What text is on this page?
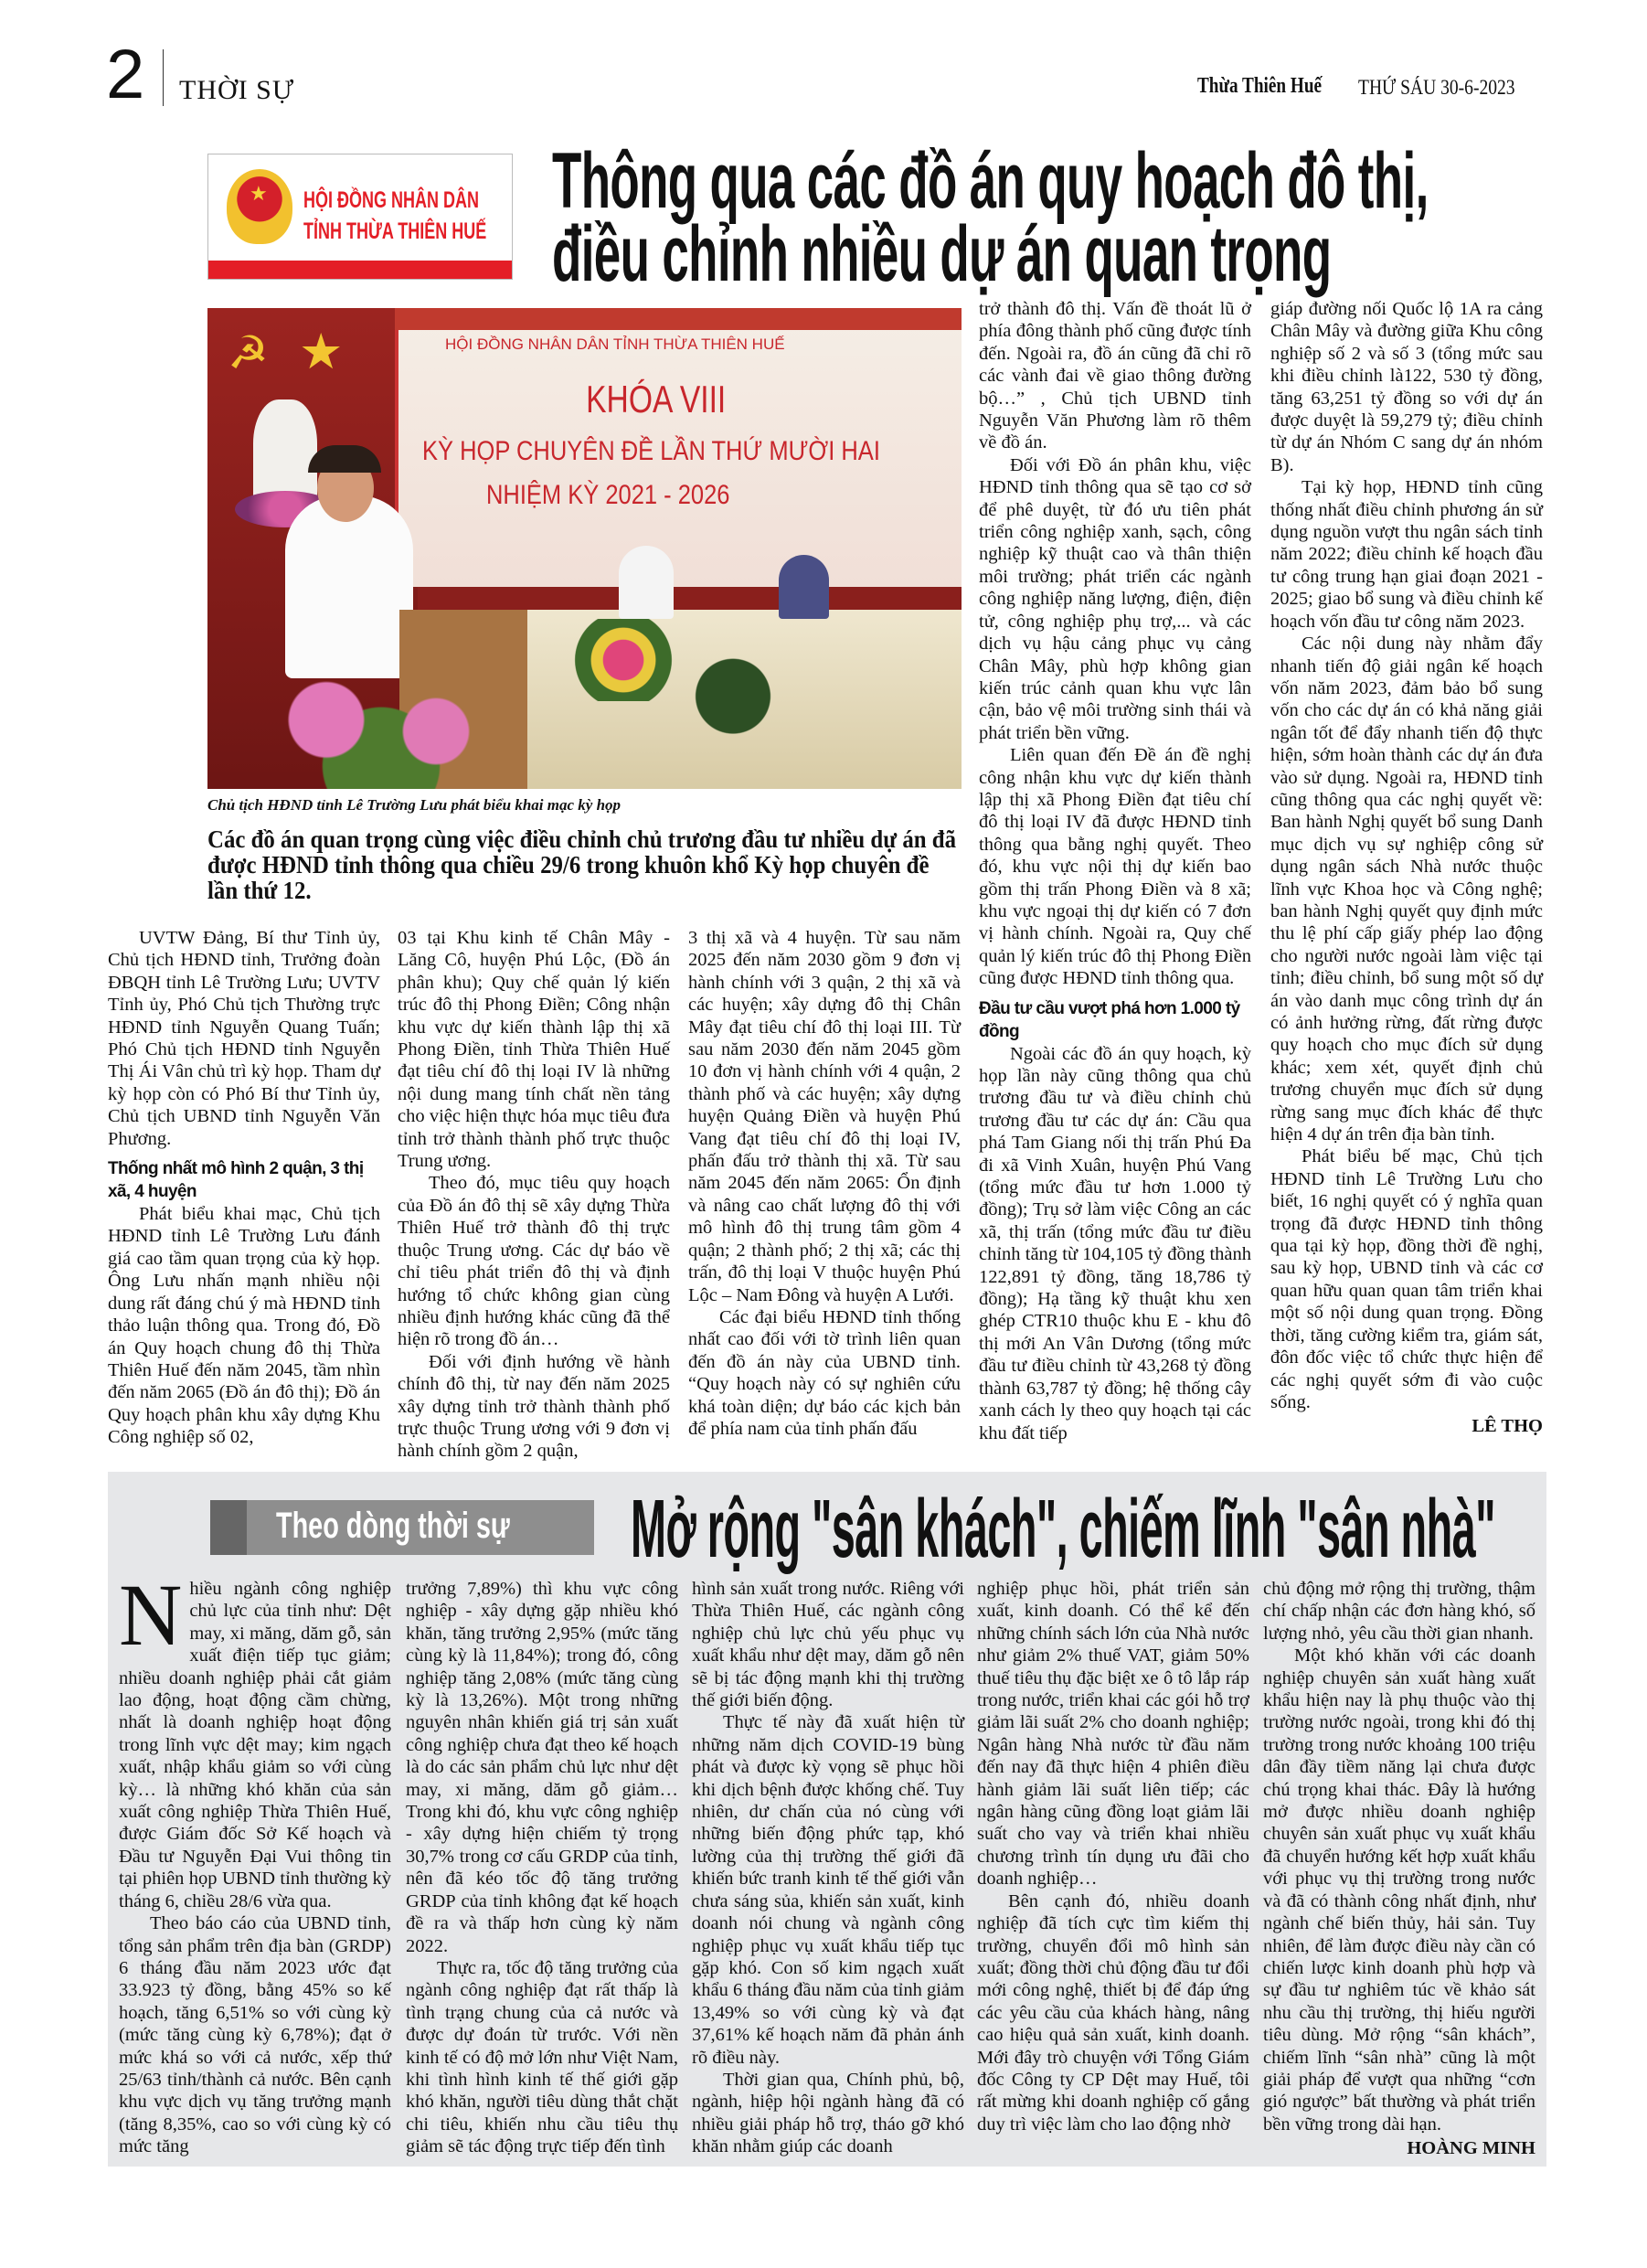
2 THỜI SỰ	Thừa Thiên Huế THỨ SÁU 30-6-2023
★ HỘI ĐỒNG NHÂN DÂN
TỈNH THỪA THIÊN HUẾ
Thông qua các đồ án quy hoạch đô thị,
điều chỉnh nhiều dự án quan trọng
☭ ★	HỘI ĐỒNG NHÂN DÂN TỈNH THỪA THIÊN HUẾ
KHÓA VIII
KỲ HỌP CHUYÊN ĐỀ LẦN THỨ MƯỜI HAI
NHIỆM KỲ 2021 - 2026
Chủ tịch HĐND tỉnh Lê Trường Lưu phát biểu khai mạc kỳ họp
Các đồ án quan trọng cùng việc điều chỉnh chủ trương đầu tư nhiều dự án đã được HĐND tỉnh thông qua chiều 29/6 trong khuôn khổ Kỳ họp chuyên đề lần thứ 12.

UVTW Đảng, Bí thư Tỉnh ủy, Chủ tịch HĐND tỉnh, Trưởng đoàn ĐBQH tỉnh Lê Trường Lưu; UVTV Tỉnh ủy, Phó Chủ tịch Thường trực HĐND tỉnh Nguyễn Quang Tuấn; Phó Chủ tịch HĐND tỉnh Nguyễn Thị Ái Vân chủ trì kỳ họp. Tham dự kỳ họp còn có Phó Bí thư Tỉnh ủy, Chủ tịch UBND tỉnh Nguyễn Văn Phương.

Thống nhất mô hình 2 quận, 3 thị xã, 4 huyện

Phát biểu khai mạc, Chủ tịch HĐND tỉnh Lê Trường Lưu đánh giá cao tầm quan trọng của kỳ họp. Ông Lưu nhấn mạnh nhiều nội dung rất đáng chú ý mà HĐND tỉnh thảo luận thông qua. Trong đó, Đồ án Quy hoạch chung đô thị Thừa Thiên Huế đến năm 2045, tầm nhìn đến năm 2065 (Đồ án đô thị); Đồ án Quy hoạch phân khu xây dựng Khu Công nghiệp số 02,

03 tại Khu kinh tế Chân Mây - Lăng Cô, huyện Phú Lộc, (Đồ án phân khu); Quy chế quản lý kiến trúc đô thị Phong Điền; Công nhận khu vực dự kiến thành lập thị xã Phong Điền, tỉnh Thừa Thiên Huế đạt tiêu chí đô thị loại IV là những nội dung mang tính chất nền tảng cho việc hiện thực hóa mục tiêu đưa tỉnh trở thành thành phố trực thuộc Trung ương.

Theo đó, mục tiêu quy hoạch của Đồ án đô thị sẽ xây dựng Thừa Thiên Huế trở thành đô thị trực thuộc Trung ương. Các dự báo về chỉ tiêu phát triển đô thị và định hướng tổ chức không gian cùng nhiều định hướng khác cũng đã thể hiện rõ trong đồ án…

Đối với định hướng về hành chính đô thị, từ nay đến năm 2025 xây dựng tỉnh trở thành thành phố trực thuộc Trung ương với 9 đơn vị hành chính gồm 2 quận,

3 thị xã và 4 huyện. Từ sau năm 2025 đến năm 2030 gồm 9 đơn vị hành chính với 3 quận, 2 thị xã và các huyện; xây dựng đô thị Chân Mây đạt tiêu chí đô thị loại III. Từ sau năm 2030 đến năm 2045 gồm 10 đơn vị hành chính với 4 quận, 2 thành phố và các huyện; xây dựng huyện Quảng Điền và huyện Phú Vang đạt tiêu chí đô thị loại IV, phấn đấu trở thành thị xã. Từ sau năm 2045 đến năm 2065: Ổn định và nâng cao chất lượng đô thị với mô hình đô thị trung tâm gồm 4 quận; 2 thành phố; 2 thị xã; các thị trấn, đô thị loại V thuộc huyện Phú Lộc – Nam Đông và huyện A Lưới.

Các đại biểu HĐND tỉnh thống nhất cao đối với tờ trình liên quan đến đồ án này của UBND tỉnh. “Quy hoạch này có sự nghiên cứu khá toàn diện; dự báo các kịch bản để phía nam của tỉnh phấn đấu

trở thành đô thị. Vấn đề thoát lũ ở phía đông thành phố cũng được tính đến. Ngoài ra, đồ án cũng đã chỉ rõ các vành đai về giao thông đường bộ…” , Chủ tịch UBND tỉnh Nguyễn Văn Phương làm rõ thêm về đồ án.

Đối với Đồ án phân khu, việc HĐND tỉnh thông qua sẽ tạo cơ sở để phê duyệt, từ đó ưu tiên phát triển công nghiệp xanh, sạch, công nghiệp kỹ thuật cao và thân thiện môi trường; phát triển các ngành công nghiệp năng lượng, điện, điện tử, công nghiệp phụ trợ,... và các dịch vụ hậu cảng phục vụ cảng Chân Mây, phù hợp không gian kiến trúc cảnh quan khu vực lân cận, bảo vệ môi trường sinh thái và phát triển bền vững.

Liên quan đến Đề án đề nghị công nhận khu vực dự kiến thành lập thị xã Phong Điền đạt tiêu chí đô thị loại IV đã được HĐND tỉnh thông qua bằng nghị quyết. Theo đó, khu vực nội thị dự kiến bao gồm thị trấn Phong Điền và 8 xã; khu vực ngoại thị dự kiến có 7 đơn vị hành chính. Ngoài ra, Quy chế quản lý kiến trúc đô thị Phong Điền cũng được HĐND tỉnh thông qua.

Đầu tư cầu vượt phá hơn 1.000 tỷ đồng

Ngoài các đồ án quy hoạch, kỳ họp lần này cũng thông qua chủ trương đầu tư và điều chỉnh chủ trương đầu tư các dự án: Cầu qua phá Tam Giang nối thị trấn Phú Đa đi xã Vinh Xuân, huyện Phú Vang (tổng mức đầu tư hơn 1.000 tỷ đồng); Trụ sở làm việc Công an các xã, thị trấn (tổng mức đầu tư điều chỉnh tăng từ 104,105 tỷ đồng thành 122,891 tỷ đồng, tăng 18,786 tỷ đồng); Hạ tầng kỹ thuật khu xen ghép CTR10 thuộc khu E - khu đô thị mới An Vân Dương (tổng mức đầu tư điều chỉnh từ 43,268 tỷ đồng thành 63,787 tỷ đồng; hệ thống cây xanh cách ly theo quy hoạch tại các khu đất tiếp

giáp đường nối Quốc lộ 1A ra cảng Chân Mây và đường giữa Khu công nghiệp số 2 và số 3 (tổng mức sau khi điều chỉnh là122, 530 tỷ đồng, tăng 63,251 tỷ đồng so với dự án được duyệt là 59,279 tỷ; điều chỉnh từ dự án Nhóm C sang dự án nhóm B).

Tại kỳ họp, HĐND tỉnh cũng thống nhất điều chỉnh phương án sử dụng nguồn vượt thu ngân sách tỉnh năm 2022; điều chỉnh kế hoạch đầu tư công trung hạn giai đoạn 2021 - 2025; giao bổ sung và điều chỉnh kế hoạch vốn đầu tư công năm 2023.

Các nội dung này nhằm đẩy nhanh tiến độ giải ngân kế hoạch vốn năm 2023, đảm bảo bổ sung vốn cho các dự án có khả năng giải ngân tốt để đẩy nhanh tiến độ thực hiện, sớm hoàn thành các dự án đưa vào sử dụng. Ngoài ra, HĐND tỉnh cũng thông qua các nghị quyết về: Ban hành Nghị quyết bổ sung Danh mục dịch vụ sự nghiệp công sử dụng ngân sách Nhà nước thuộc lĩnh vực Khoa học và Công nghệ; ban hành Nghị quyết quy định mức thu lệ phí cấp giấy phép lao động cho người nước ngoài làm việc tại tỉnh; điều chỉnh, bổ sung một số dự án vào danh mục công trình dự án có ảnh hưởng rừng, đất rừng được quy hoạch cho mục đích sử dụng khác; xem xét, quyết định chủ trương chuyển mục đích sử dụng rừng sang mục đích khác để thực hiện 4 dự án trên địa bàn tỉnh.

Phát biểu bế mạc, Chủ tịch HĐND tỉnh Lê Trường Lưu cho biết, 16 nghị quyết có ý nghĩa quan trọng đã được HĐND tỉnh thông qua tại kỳ họp, đồng thời đề nghị, sau kỳ họp, UBND tỉnh và các cơ quan hữu quan quan tâm triển khai một số nội dung quan trọng. Đồng thời, tăng cường kiểm tra, giám sát, đôn đốc việc tổ chức thực hiện để các nghị quyết sớm đi vào cuộc sống.

LÊ THỌ

Theo dòng thời sự Mở rộng "sân khách", chiếm lĩnh "sân nhà"

Nhiều ngành công nghiệp chủ lực của tỉnh như: Dệt may, xi măng, dăm gỗ, sản xuất điện tiếp tục giảm; nhiều doanh nghiệp phải cắt giảm lao động, hoạt động cầm chừng, nhất là doanh nghiệp hoạt động trong lĩnh vực dệt may; kim ngạch xuất, nhập khẩu giảm so với cùng kỳ… là những khó khăn của sản xuất công nghiệp Thừa Thiên Huế, được Giám đốc Sở Kế hoạch và Đầu tư Nguyễn Đại Vui thông tin tại phiên họp UBND tỉnh thường kỳ tháng 6, chiều 28/6 vừa qua.

Theo báo cáo của UBND tỉnh, tổng sản phẩm trên địa bàn (GRDP) 6 tháng đầu năm 2023 ước đạt 33.923 tỷ đồng, bằng 45% so kế hoạch, tăng 6,51% so với cùng kỳ (mức tăng cùng kỳ 6,78%); đạt ở mức khá so với cả nước, xếp thứ 25/63 tỉnh/thành cả nước. Bên cạnh khu vực dịch vụ tăng trưởng mạnh (tăng 8,35%, cao so với cùng kỳ có mức tăng

trưởng 7,89%) thì khu vực công nghiệp - xây dựng gặp nhiều khó khăn, tăng trưởng 2,95% (mức tăng cùng kỳ là 11,84%); trong đó, công nghiệp tăng 2,08% (mức tăng cùng kỳ là 13,26%). Một trong những nguyên nhân khiến giá trị sản xuất công nghiệp chưa đạt theo kế hoạch là do các sản phẩm chủ lực như dệt may, xi măng, dăm gỗ giảm… Trong khi đó, khu vực công nghiệp - xây dựng hiện chiếm tỷ trọng 30,7% trong cơ cấu GRDP của tỉnh, nên đã kéo tốc độ tăng trưởng GRDP của tỉnh không đạt kế hoạch đề ra và thấp hơn cùng kỳ năm 2022.

Thực ra, tốc độ tăng trưởng của ngành công nghiệp đạt rất thấp là tình trạng chung của cả nước và được dự đoán từ trước. Với nền kinh tế có độ mở lớn như Việt Nam, khi tình hình kinh tế thế giới gặp khó khăn, người tiêu dùng thắt chặt chi tiêu, khiến nhu cầu tiêu thụ giảm sẽ tác động trực tiếp đến tình

hình sản xuất trong nước. Riêng với Thừa Thiên Huế, các ngành công nghiệp chủ lực chủ yếu phục vụ xuất khẩu như dệt may, dăm gỗ nên sẽ bị tác động mạnh khi thị trường thế giới biến động.

Thực tế này đã xuất hiện từ những năm dịch COVID-19 bùng phát và được kỳ vọng sẽ phục hồi khi dịch bệnh được khống chế. Tuy nhiên, dư chấn của nó cùng với những biến động phức tạp, khó lường của thị trường thế giới đã khiến bức tranh kinh tế thế giới vẫn chưa sáng sủa, khiến sản xuất, kinh doanh nói chung và ngành công nghiệp phục vụ xuất khẩu tiếp tục gặp khó. Con số kim ngạch xuất khẩu 6 tháng đầu năm của tỉnh giảm 13,49% so với cùng kỳ và đạt 37,61% kế hoạch năm đã phản ánh rõ điều này.

Thời gian qua, Chính phủ, bộ, ngành, hiệp hội ngành hàng đã có nhiều giải pháp hỗ trợ, tháo gỡ khó khăn nhằm giúp các doanh

nghiệp phục hồi, phát triển sản xuất, kinh doanh. Có thể kể đến những chính sách lớn của Nhà nước như giảm 2% thuế VAT, giảm 50% thuế tiêu thụ đặc biệt xe ô tô lắp ráp trong nước, triển khai các gói hỗ trợ giảm lãi suất 2% cho doanh nghiệp; Ngân hàng Nhà nước từ đầu năm đến nay đã thực hiện 4 phiên điều hành giảm lãi suất liên tiếp; các ngân hàng cũng đồng loạt giảm lãi suất cho vay và triển khai nhiều chương trình tín dụng ưu đãi cho doanh nghiệp…

Bên cạnh đó, nhiều doanh nghiệp đã tích cực tìm kiếm thị trường, chuyển đổi mô hình sản xuất; đồng thời chủ động đầu tư đổi mới công nghệ, thiết bị để đáp ứng các yêu cầu của khách hàng, nâng cao hiệu quả sản xuất, kinh doanh. Mới đây trò chuyện với Tổng Giám đốc Công ty CP Dệt may Huế, tôi rất mừng khi doanh nghiệp cố gắng duy trì việc làm cho lao động nhờ

chủ động mở rộng thị trường, thậm chí chấp nhận các đơn hàng khó, số lượng nhỏ, yêu cầu thời gian nhanh.

Một khó khăn với các doanh nghiệp chuyên sản xuất hàng xuất khẩu hiện nay là phụ thuộc vào thị trường nước ngoài, trong khi đó thị trường trong nước khoảng 100 triệu dân đầy tiềm năng lại chưa được chú trọng khai thác. Đây là hướng mở được nhiều doanh nghiệp chuyên sản xuất phục vụ xuất khẩu đã chuyển hướng kết hợp xuất khẩu với phục vụ thị trường trong nước và đã có thành công nhất định, như ngành chế biến thủy, hải sản. Tuy nhiên, để làm được điều này cần có chiến lược kinh doanh phù hợp và sự đầu tư nghiêm túc về khảo sát nhu cầu thị trường, thị hiếu người tiêu dùng. Mở rộng “sân khách”, chiếm lĩnh “sân nhà” cũng là một giải pháp để vượt qua những “cơn gió ngược” bất thường và phát triển bền vững trong dài hạn.

HOÀNG MINH
